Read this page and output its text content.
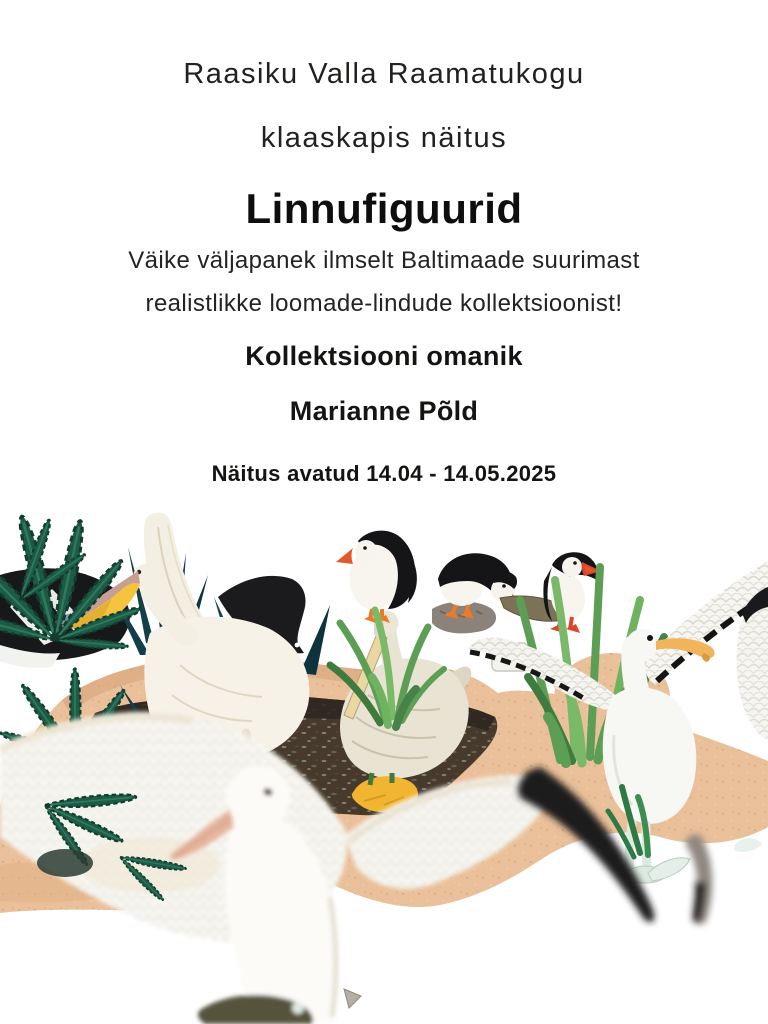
Raasiku Valla Raamatukogu
klaaskapis näitus
Linnufiguurid
Väike väljapanek ilmselt Baltimaade suurimast
realistlikke loomade-lindude kollektsioonist!
Kollektsiooni omanik
Marianne Põld
Näitus avatud 14.04 - 14.05.2025
